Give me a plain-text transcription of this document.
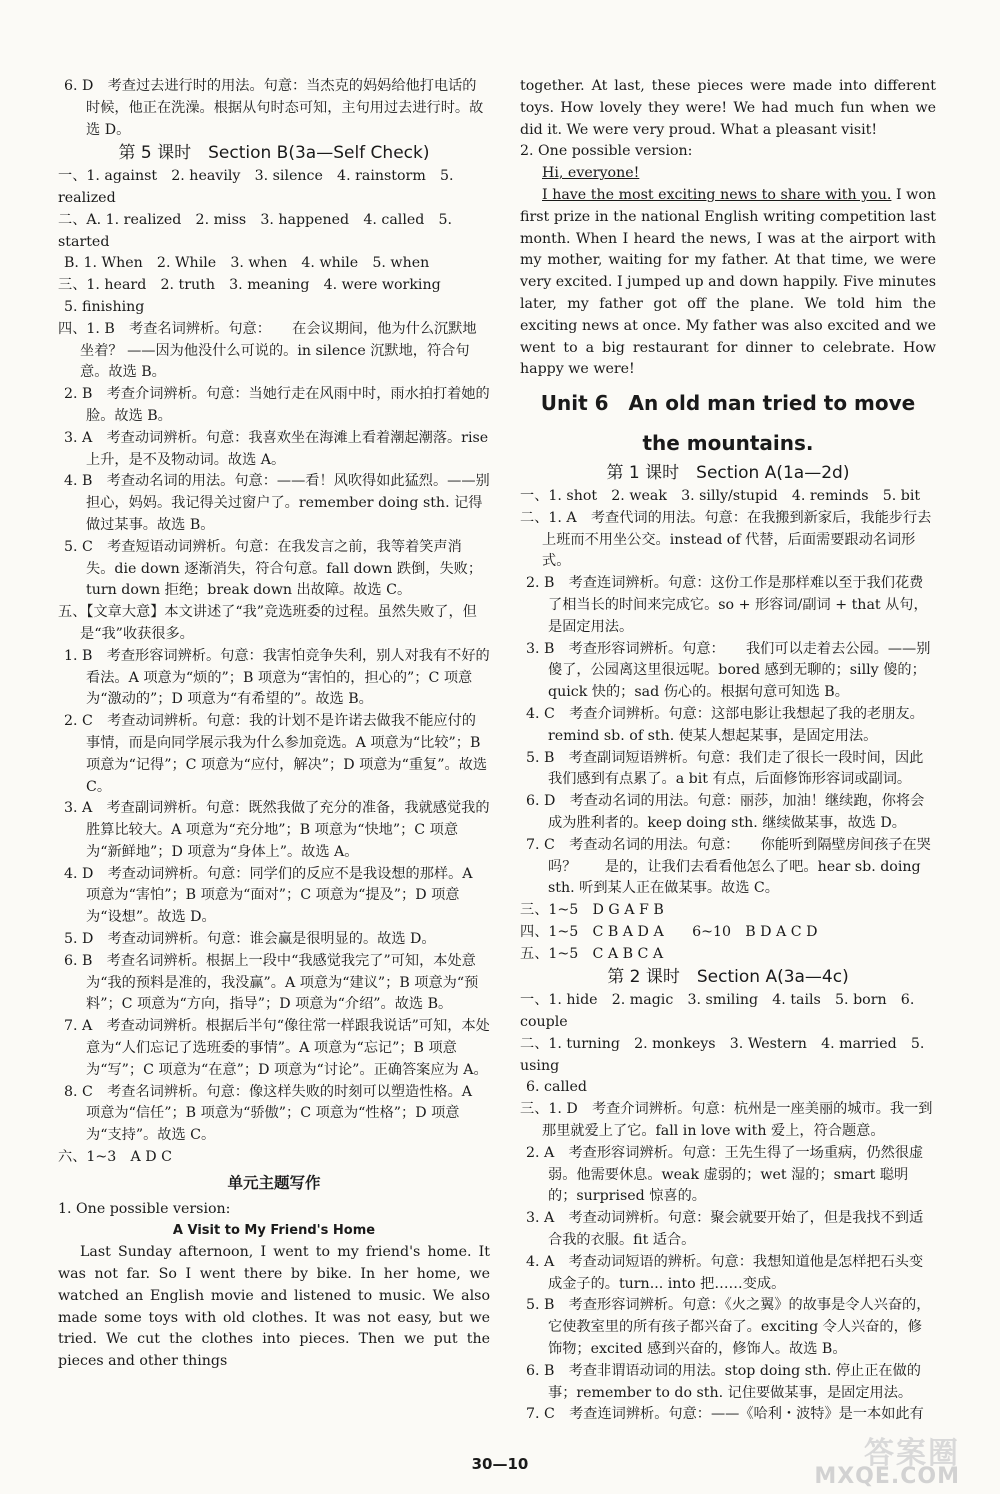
6. D　考查过去进行时的用法。句意：当杰克的妈妈给他打电话的时候，他正在洗澡。根据从句时态可知，主句用过去进行时。故选 D。
第 5 课时　Section B(3a—Self Check)
一、1. against　2. heavily　3. silence　4. rainstorm　5. realized
二、A. 1. realized　2. miss　3. happened　4. called　5. started
B. 1. When　2. While　3. when　4. while　5. when
三、1. heard　2. truth　3. meaning　4. were working
5. finishing
四、1. B　考查名词辨析。句意：　　在会议期间，他为什么沉默地坐着？ ——因为他没什么可说的。in silence 沉默地，符合句意。故选 B。
2. B　考查介词辨析。句意：当她行走在风雨中时，雨水拍打着她的脸。故选 B。
3. A　考查动词辨析。句意：我喜欢坐在海滩上看着潮起潮落。rise 上升，是不及物动词。故选 A。
4. B　考查动名词的用法。句意：——看！风吹得如此猛烈。——别担心，妈妈。我记得关过窗户了。remember doing sth. 记得做过某事。故选 B。
5. C　考查短语动词辨析。句意：在我发言之前，我等着笑声消失。die down 逐渐消失，符合句意。fall down 跌倒，失败；turn down 拒绝；break down 出故障。故选 C。
五、【文章大意】本文讲述了“我”竞选班委的过程。虽然失败了，但是“我”收获很多。
1. B　考查形容词辨析。句意：我害怕竞争失利，别人对我有不好的看法。A 项意为“烦的”；B 项意为“害怕的，担心的”；C 项意为“激动的”；D 项意为“有希望的”。故选 B。
2. C　考查动词辨析。句意：我的计划不是许诺去做我不能应付的事情，而是向同学展示我为什么参加竞选。A 项意为“比较”；B 项意为“记得”；C 项意为“应付，解决”；D 项意为“重复”。故选 C。
3. A　考查副词辨析。句意：既然我做了充分的准备，我就感觉我的胜算比较大。A 项意为“充分地”；B 项意为“快地”；C 项意为“新鲜地”；D 项意为“身体上”。故选 A。
4. D　考查动词辨析。句意：同学们的反应不是我设想的那样。A 项意为“害怕”；B 项意为“面对”；C 项意为“提及”；D 项意为“设想”。故选 D。
5. D　考查动词辨析。句意：谁会赢是很明显的。故选 D。
6. B　考查名词辨析。根据上一段中“我感觉我完了”可知，本处意为“我的预料是准的，我没赢”。A 项意为“建议”；B 项意为“预料”；C 项意为“方向，指导”；D 项意为“介绍”。故选 B。
7. A　考查动词辨析。根据后半句“像往常一样跟我说话”可知，本处意为“人们忘记了选班委的事情”。A 项意为“忘记”；B 项意为“写”；C 项意为“在意”；D 项意为“讨论”。正确答案应为 A。
8. C　考查名词辨析。句意：像这样失败的时刻可以塑造性格。A 项意为“信任”；B 项意为“骄傲”；C 项意为“性格”；D 项意为“支持”。故选 C。
六、1~3　A D C
单元主题写作
1. One possible version:
A Visit to My Friend's Home
Last Sunday afternoon, I went to my friend's home. It was not far. So I went there by bike. In her home, we watched an English movie and listened to music. We also made some toys with old clothes. It was not easy, but we tried. We cut the clothes into pieces. Then we put the pieces and other things
together. At last, these pieces were made into different toys. How lovely they were! We had much fun when we did it. We were very proud. What a pleasant visit!
2. One possible version:
Hi, everyone!
I have the most exciting news to share with you. I won first prize in the national English writing competition last month. When I heard the news, I was at the airport with my mother, waiting for my father. At that time, we were very excited. I jumped up and down happily. Five minutes later, my father got off the plane. We told him the exciting news at once. My father was also excited and we went to a big restaurant for dinner to celebrate. How happy we were!
Unit 6　An old man tried to move
the mountains.
第 1 课时　Section A(1a—2d)
一、1. shot　2. weak　3. silly/stupid　4. reminds　5. bit
二、1. A　考查代词的用法。句意：在我搬到新家后，我能步行去上班而不用坐公交。instead of 代替，后面需要跟动名词形式。
2. B　考查连词辨析。句意：这份工作是那样难以至于我们花费了相当长的时间来完成它。so + 形容词/副词 + that 从句，是固定用法。
3. B　考查形容词辨析。句意：　　我们可以走着去公园。——别傻了，公园离这里很远呢。bored 感到无聊的；silly 傻的；quick 快的；sad 伤心的。根据句意可知选 B。
4. C　考查介词辨析。句意：这部电影让我想起了我的老朋友。remind sb. of sth. 使某人想起某事，是固定用法。
5. B　考查副词短语辨析。句意：我们走了很长一段时间，因此我们感到有点累了。a bit 有点，后面修饰形容词或副词。
6. D　考查动名词的用法。句意：丽莎，加油！继续跑，你将会成为胜利者的。keep doing sth. 继续做某事，故选 D。
7. C　考查动名词的用法。句意：　　你能听到隔壁房间孩子在哭吗？　　是的，让我们去看看他怎么了吧。hear sb. doing sth. 听到某人正在做某事。故选 C。
三、1~5　D G A F B
四、1~5　C B A D A　　6~10　B D A C D
五、1~5　C A B C A
第 2 课时　Section A(3a—4c)
一、1. hide　2. magic　3. smiling　4. tails　5. born　6. couple
二、1. turning　2. monkeys　3. Western　4. married　5. using
6. called
三、1. D　考查介词辨析。句意：杭州是一座美丽的城市。我一到那里就爱上了它。fall in love with 爱上，符合题意。
2. A　考查形容词辨析。句意：王先生得了一场重病，仍然很虚弱。他需要休息。weak 虚弱的；wet 湿的；smart 聪明的；surprised 惊喜的。
3. A　考查动词辨析。句意：聚会就要开始了，但是我找不到适合我的衣服。fit 适合。
4. A　考查动词短语的辨析。句意：我想知道他是怎样把石头变成金子的。turn... into 把……变成。
5. B　考查形容词辨析。句意：《火之翼》的故事是令人兴奋的，它使教室里的所有孩子都兴奋了。exciting 令人兴奋的，修饰物；excited 感到兴奋的，修饰人。故选 B。
6. B　考查非谓语动词的用法。stop doing sth. 停止正在做的事；remember to do sth. 记住要做某事，是固定用法。
7. C　考查连词辨析。句意：——《哈利・波特》是一本如此有
30—10	答案圈
MXQE.COM
